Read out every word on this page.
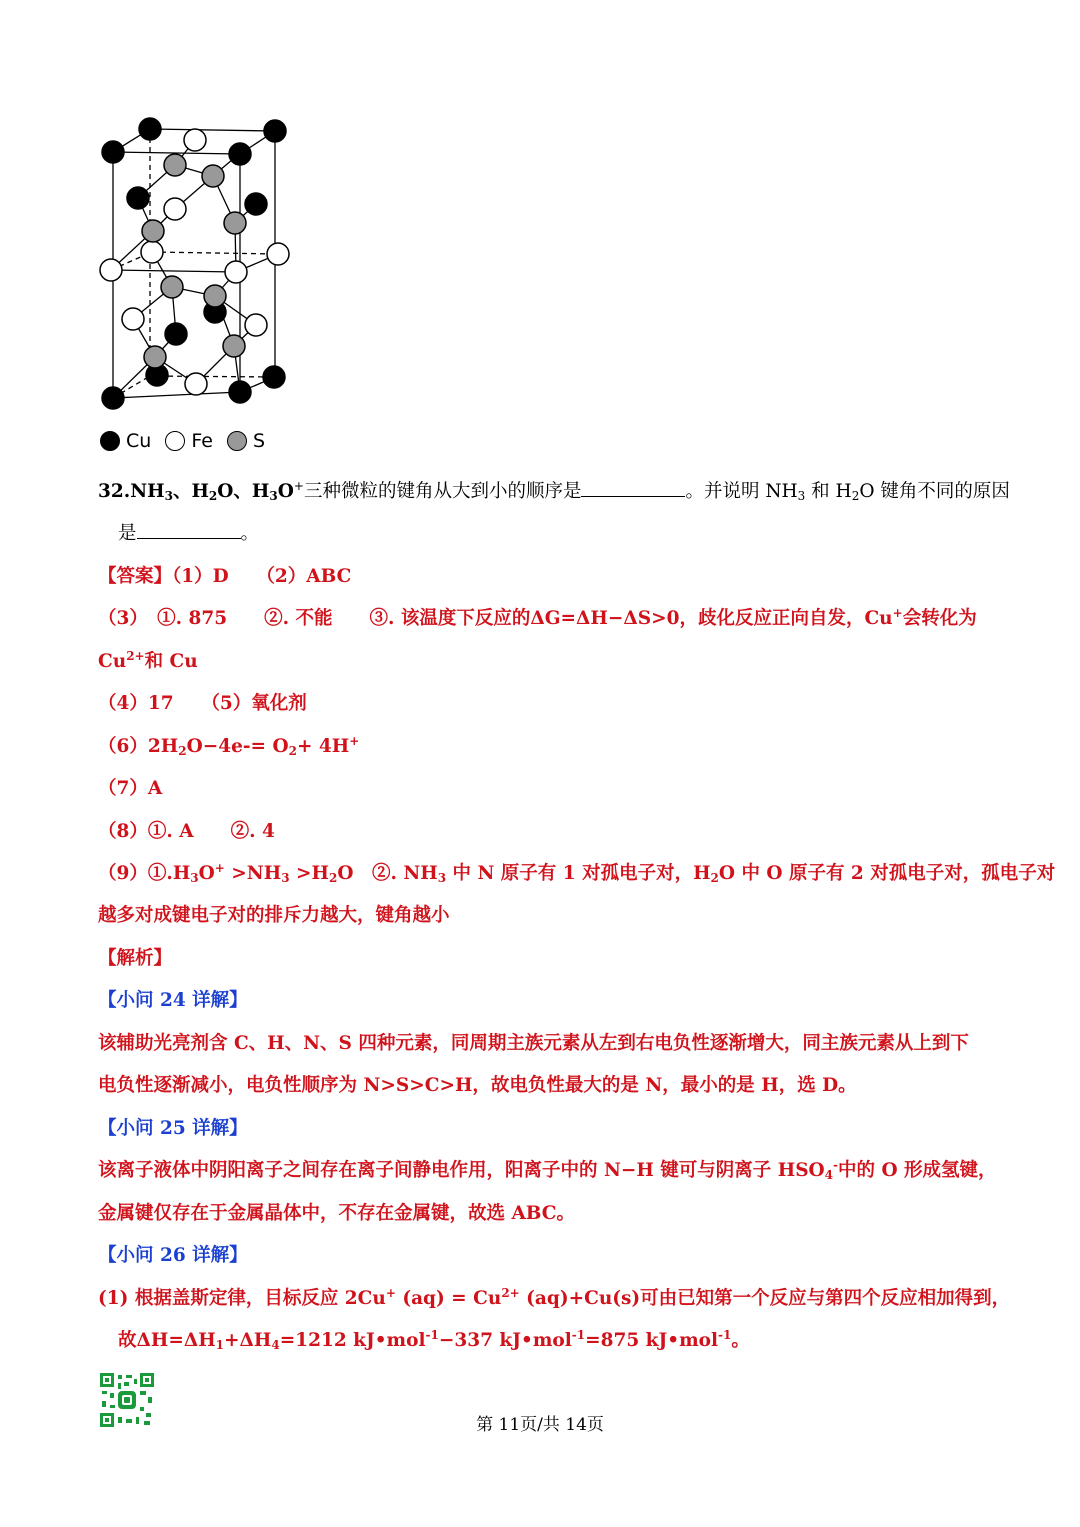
Cu
Fe
S
$32.NH_3$、$H_2O$、$H_3O^+$三种微粒的键角从大到小的顺序是	。并说明 $NH_3$ 和 $H_2O$ 键角不同的原因
是	。
【答案】（1）D　　（2）ABC
（3）　①. 875　　②. 不能　　③. 该温度下反应的ΔG=ΔH−ΔS>0，歧化反应正向自发，Cu+会转化为
$Cu^{2+}$和 Cu
（4）17　　（5）氧化剂
$(6)2H_2O-4e-= O_2+ 4H^+$
（7）A
（8）①. A　　②. 4
$(9)①.H_3O^+ >NH_3 >H_2O$　②. $NH_3$ 中 N 原子有 1 对孤电子对，$H_2O$ 中 O 原子有 2 对孤电子对，孤电子对
越多对成键电子对的排斥力越大，键角越小
【解析】
【小问 24 详解】
该辅助光亮剂含 C、H、N、S 四种元素，同周期主族元素从左到右电负性逐渐增大，同主族元素从上到下
电负性逐渐减小，电负性顺序为 N>S>C>H，故电负性最大的是 N，最小的是 H，选 D。
【小问 25 详解】
该离子液体中阴阳离子之间存在离子间静电作用，阳离子中的 N−H 键可与阴离子 $HSO_4^-$中的 O 形成氢键，
金属键仅存在于金属晶体中，不存在金属键，故选 ABC。
【小问 26 详解】
(1) 根据盖斯定律，目标反应 2Cu+ $(aq) = Cu^{2+}$ (aq)+Cu(s)可由已知第一个反应与第四个反应相加得到，
故$\Delta H=\Delta H_1+\Delta H_4=1212$ kJ•mol$^{-1}$−337 kJ•mol$^{-1}$=875 kJ•mol$^{-1}$。
第 11页/共 14页
